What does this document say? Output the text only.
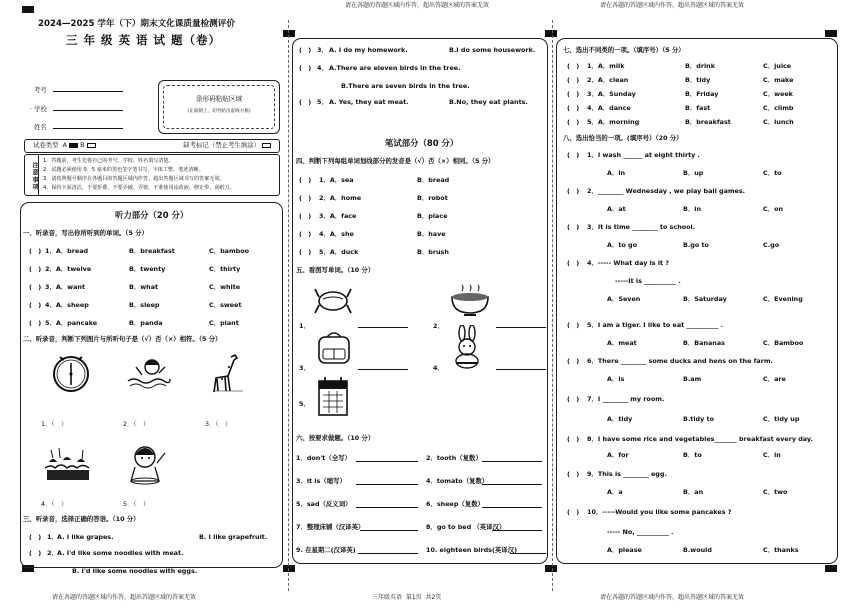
请在各题的答题区域内作答，超出答题区域的答案无效	请在各题的答题区域内作答，超出答题区域的答案无效
请在各题的答题区域内作答，超出答题区域的答案无效	请在各题的答题区域内作答，超出答题区域的答案无效
三年级英语 第1页 共2页
2024—2025 学年（下）期末文化课质量检测评价
三 年 级 英 语 试 题（卷）
考号
· 学校
姓名
条形码粘贴区域
(正面朝上，切勿贴出虚线方框)
试卷类型 A B	缺考标记（禁止考生填涂）
注意事项
1．答题前，考生先将自己的考号、学校、姓名填写清楚。
2．试题必须使用 0．5 毫米的黑色签字笔书写，字体工整、笔迹清晰。
3．请按照题号顺序在各题目的答题区域内作答，超出答题区域书写的答案无效。
4．保持卡面清洁，不要折叠、不要弄破、弄皱，不准使用涂改液、修正带、刮纸刀。
听力部分（20 分）
一、听录音，写出你所听到的单词。（5 分）
(　) 1．A．bread	B．breakfast	C．bamboo
(　) 2．A．twelve	B．twenty	C．thirty
(　) 3．A．want	B．what	C．white
(　) 4．A．sheep	B．sleep	C．sweet
(　) 5．A．pancake	B．panda	C．plant
二、听录音，判断下列图片与所听句子是（√）否（×）相符。（5 分）
1．（　）	2．（　）	3．（　）
4．（　）	5．（　）
三、听录音，选择正确的答语。（10 分）
(　) 1． A. I like grapes.	B. I like grapefruit.
(　) 2． A. I'd like some noodles with meat.
B. I'd like some noodles with eggs.
(　) 3． A. I do my homework.	B.I do some housework.
(　) 4． A.There are eleven birds in the tree.
B.There are seven birds in the tree.
(　) 5． A. Yes, they eat meat.	B.No, they eat plants.
笔试部分（80 分）
四、判断下列每组单词划线部分的发音是（√）否（×）相同。（5 分）
(　) 1．A．sea	B．bread
(　) 2．A．home	B．robot
(　) 3．A．face	B．place
(　) 4．A．she	B．have
(　) 5．A．duck	B．brush
五、看图写单词。（10 分）
1．	2．
3．	4．
5．
六、按要求做题。（10 分）
1．don't（全写）	2．tooth（复数）
3．it is（缩写）	4．tomato（复数）
5．sad（反义词）	6．sheep（复数）
7．整理床铺（汉译英）	8．go to bed （英译汉）
9. 在星期二(汉译英)	10. eighteen birds(英译汉)
七、选出不同类的一项。（填序号）（5 分）
(　) 1．A．milk	B．drink	C．juice
(　) 2．A．clean	B．tidy	C．make
(　) 3．A．Sunday	B．Friday	C．week
(　) 4．A．dance	B．fast	C．climb
(　) 5．A．morning	B．breakfast	C．lunch
八、选出恰当的一项。(填序号）（20 分）
(　) 1．I wash ______ at eight thirty .
A．in	B．up	C．to
(　) 2．________ Wednesday , we play ball games.
A．at	B．in	C．on
(　) 3．It is time ________ to school.
A．to go	B.go to	C.go
(　) 4．----- What day is it ?
-----It is __________ .
A．Seven	B．Saturday	C．Evening
(　) 5．I am a tiger. I like to eat __________ .
A．meat	B．Bananas	C．Bamboo
(　) 6．There ________ some ducks and hens on the farm.
A．is	B.am	C．are
(　) 7．I ________ my room.
A．tidy	B.tidy to	C．tidy up
(　) 8．I have some rice and vegetables_______ breakfast every day.
A．for	B．to	C．in
(　) 9．This is ________ egg.
A．a	B．an	C．two
(　) 10．-----Would you like some pancakes ?
----- No, __________ .
A．please	B.would	C．thanks
